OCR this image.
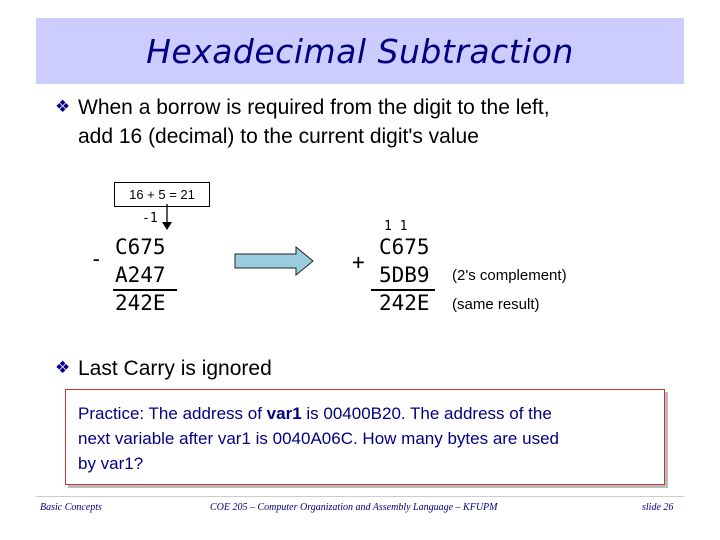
Hexadecimal Subtraction
❖ When a borrow is required from the digit to the left,
add 16 (decimal) to the current digit's value
16 + 5 = 21
-1
- C675
A247
242E
1 1
+
C675
5DB9 (2's complement)
242E (same result)
❖ Last Carry is ignored
Practice: The address of var1 is 00400B20. The address of the
next variable after var1 is 0040A06C. How many bytes are used
by var1?
Basic Concepts	COE 205 – Computer Organization and Assembly Language – KFUPM	slide 26
